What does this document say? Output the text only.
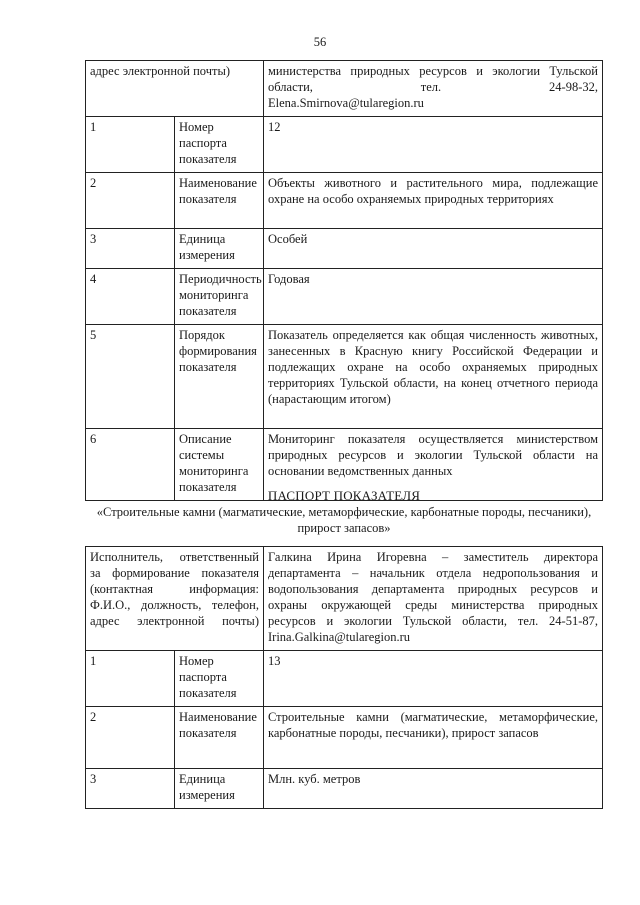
56
адрес электронной почты)		министерства природных ресурсов и экологии Тульской области, тел. 24-98-32,
Elena.Smirnova@tularegion.ru

1	Номер паспорта показателя	12
2	Наименование показателя	Объекты животного и растительного мира, подлежащие охране на особо охраняемых природных территориях
3	Единица измерения	Особей
4	Периодичность мониторинга показателя	Годовая
5	Порядок формирования показателя	Показатель определяется как общая численность животных, занесенных в Красную книгу Российской Федерации и подлежащих охране на особо охраняемых природных территориях Тульской области, на конец отчетного периода (нарастающим итогом)
6	Описание системы мониторинга показателя	Мониторинг показателя осуществляется министерством природных ресурсов и экологии Тульской области на основании ведомственных данных
ПАСПОРТ ПОКАЗАТЕЛЯ
«Строительные камни (магматические, метаморфические, карбонатные породы, песчаники), прирост запасов»
Исполнитель, ответственный за формирование показателя (контактная информация: Ф.И.О., должность, телефон, адрес электронной почты)		Галкина Ирина Игоревна – заместитель директора департамента – начальник отдела недропользования и водопользования департамента природных ресурсов и охраны окружающей среды министерства природных ресурсов и экологии Тульской области, тел. 24-51-87,
Irina.Galkina@tularegion.ru

1	Номер паспорта показателя	13
2	Наименование показателя	Строительные камни (магматические, метаморфические, карбонатные породы, песчаники), прирост запасов
3	Единица измерения	Млн. куб. метров
